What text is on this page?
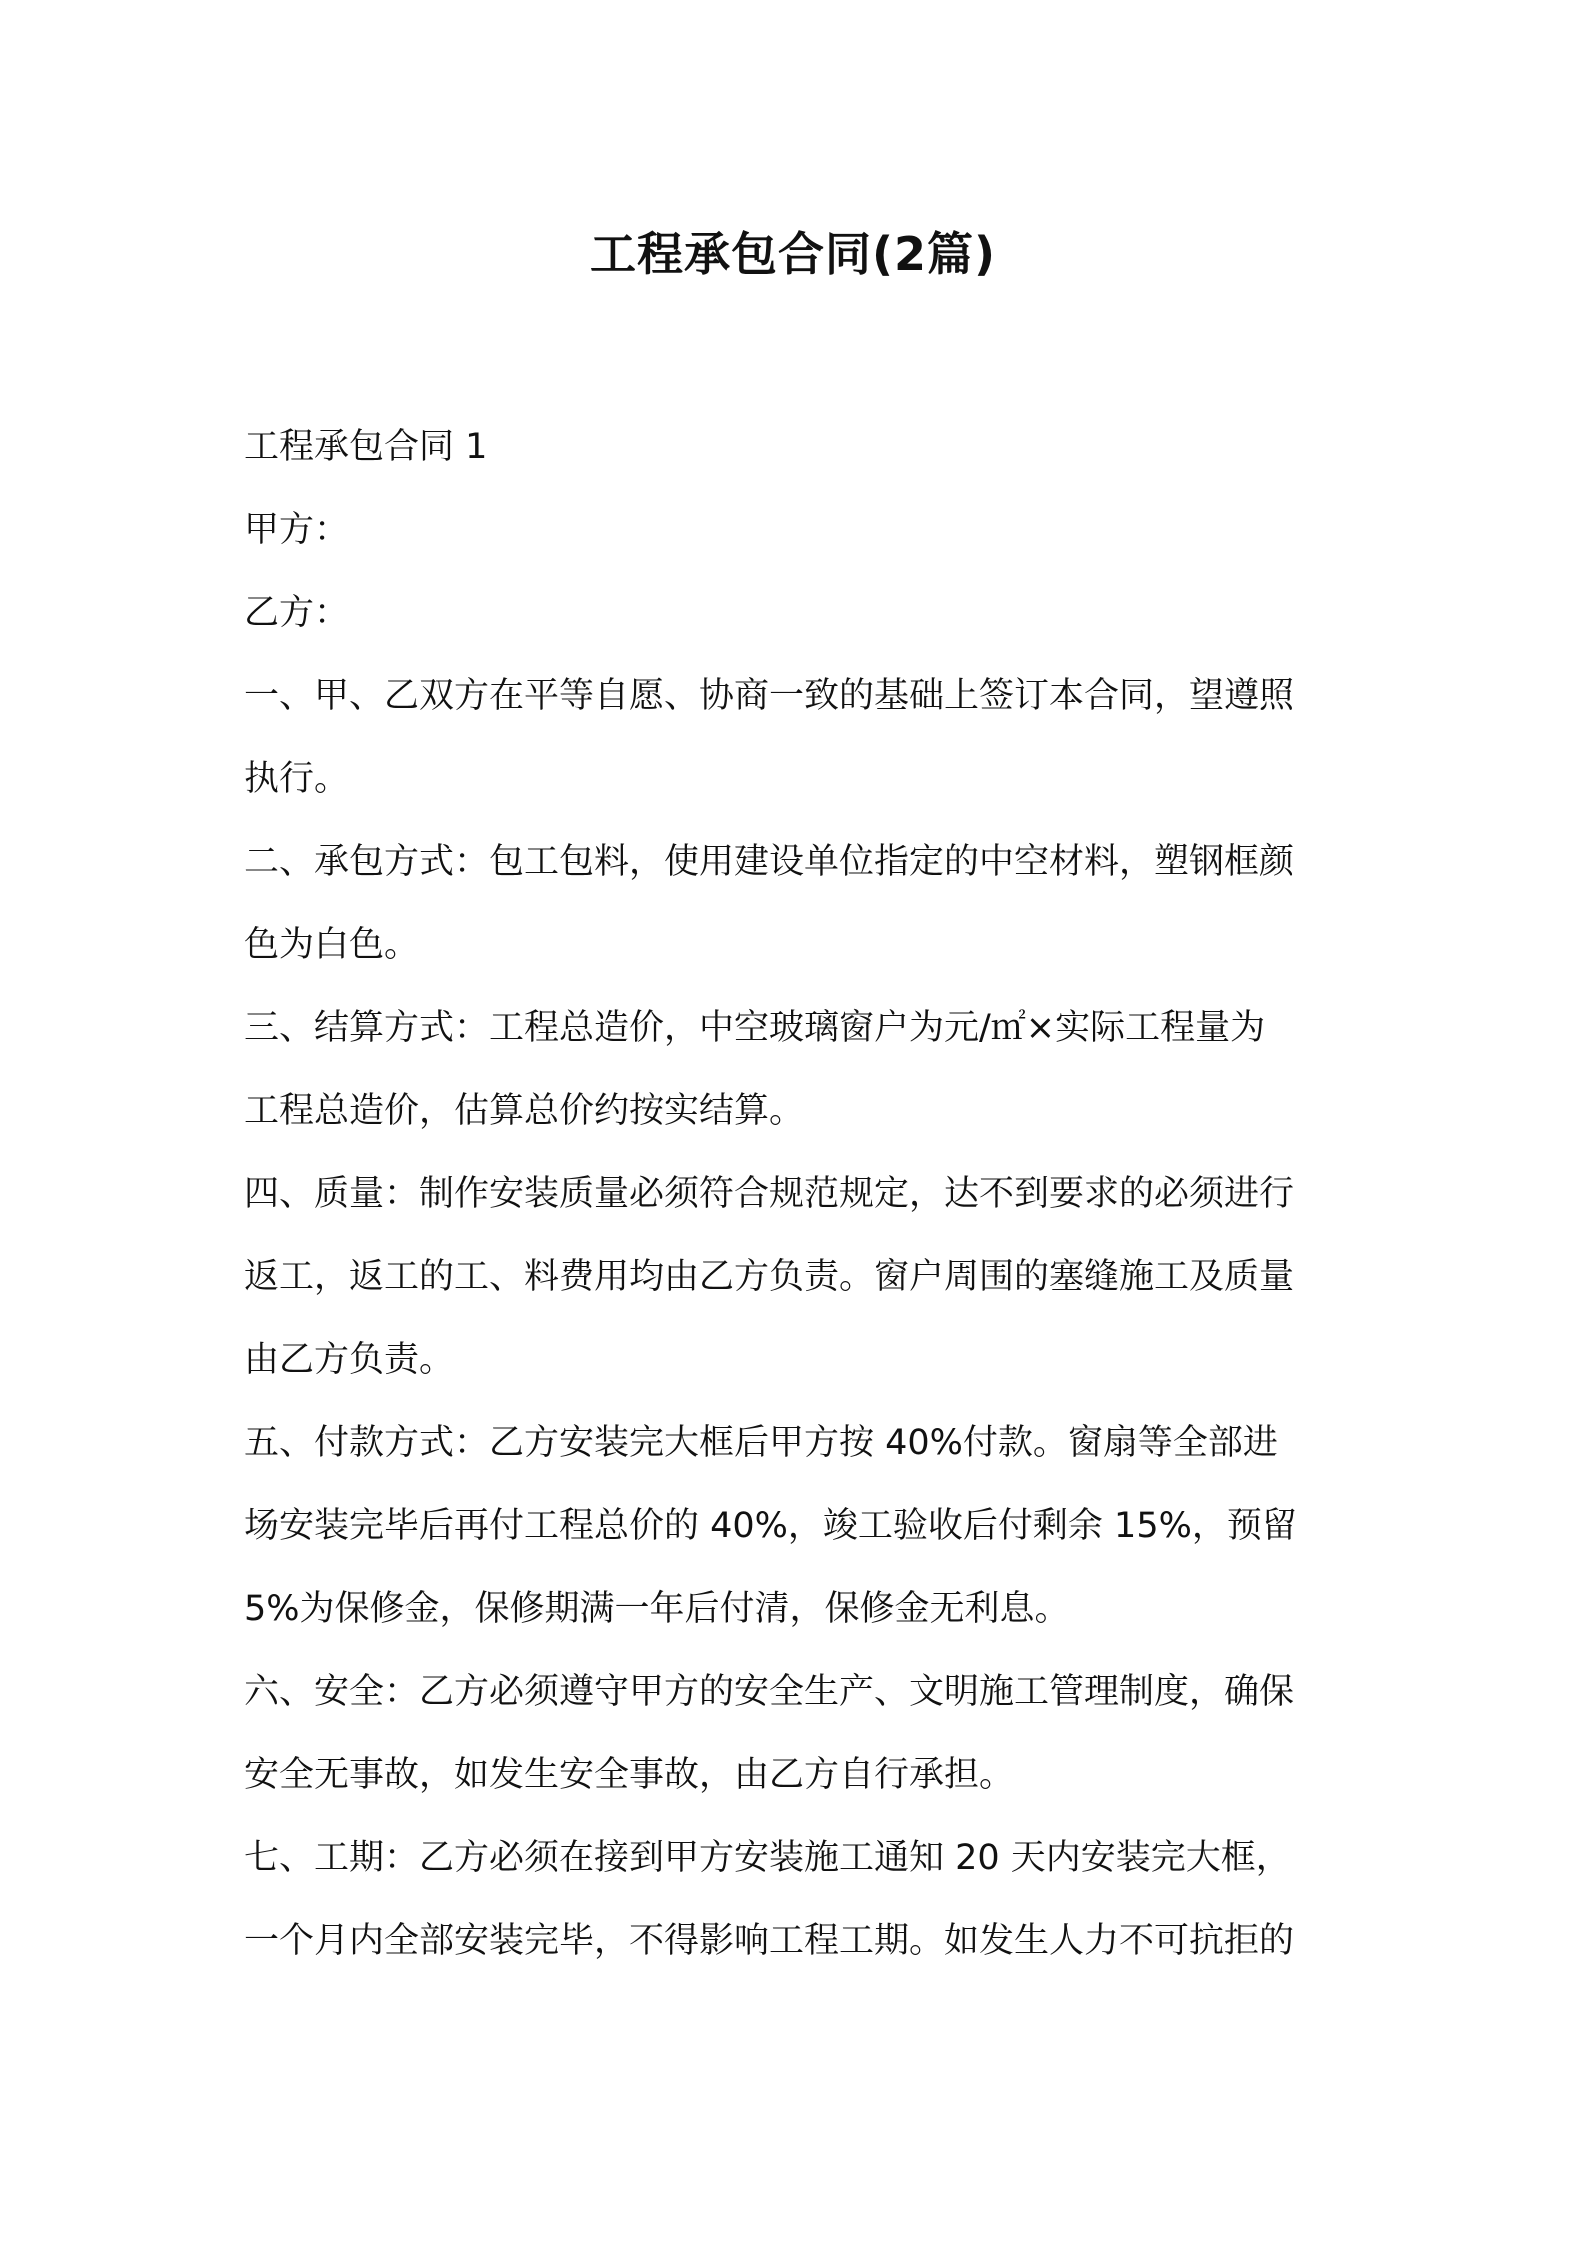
工程承包合同(2篇)
工程承包合同 1
甲方：
乙方：
一、甲、乙双方在平等自愿、协商一致的基础上签订本合同，望遵照
执行。
二、承包方式：包工包料，使用建设单位指定的中空材料，塑钢框颜
色为白色。
三、结算方式：工程总造价，中空玻璃窗户为元/㎡×实际工程量为
工程总造价，估算总价约按实结算。
四、质量：制作安装质量必须符合规范规定，达不到要求的必须进行
返工，返工的工、料费用均由乙方负责。窗户周围的塞缝施工及质量
由乙方负责。
五、付款方式：乙方安装完大框后甲方按 40%付款。窗扇等全部进
场安装完毕后再付工程总价的 40%，竣工验收后付剩余 15%，预留
5%为保修金，保修期满一年后付清，保修金无利息。
六、安全：乙方必须遵守甲方的安全生产、文明施工管理制度，确保
安全无事故，如发生安全事故，由乙方自行承担。
七、工期：乙方必须在接到甲方安装施工通知 20 天内安装完大框，
一个月内全部安装完毕，不得影响工程工期。如发生人力不可抗拒的
